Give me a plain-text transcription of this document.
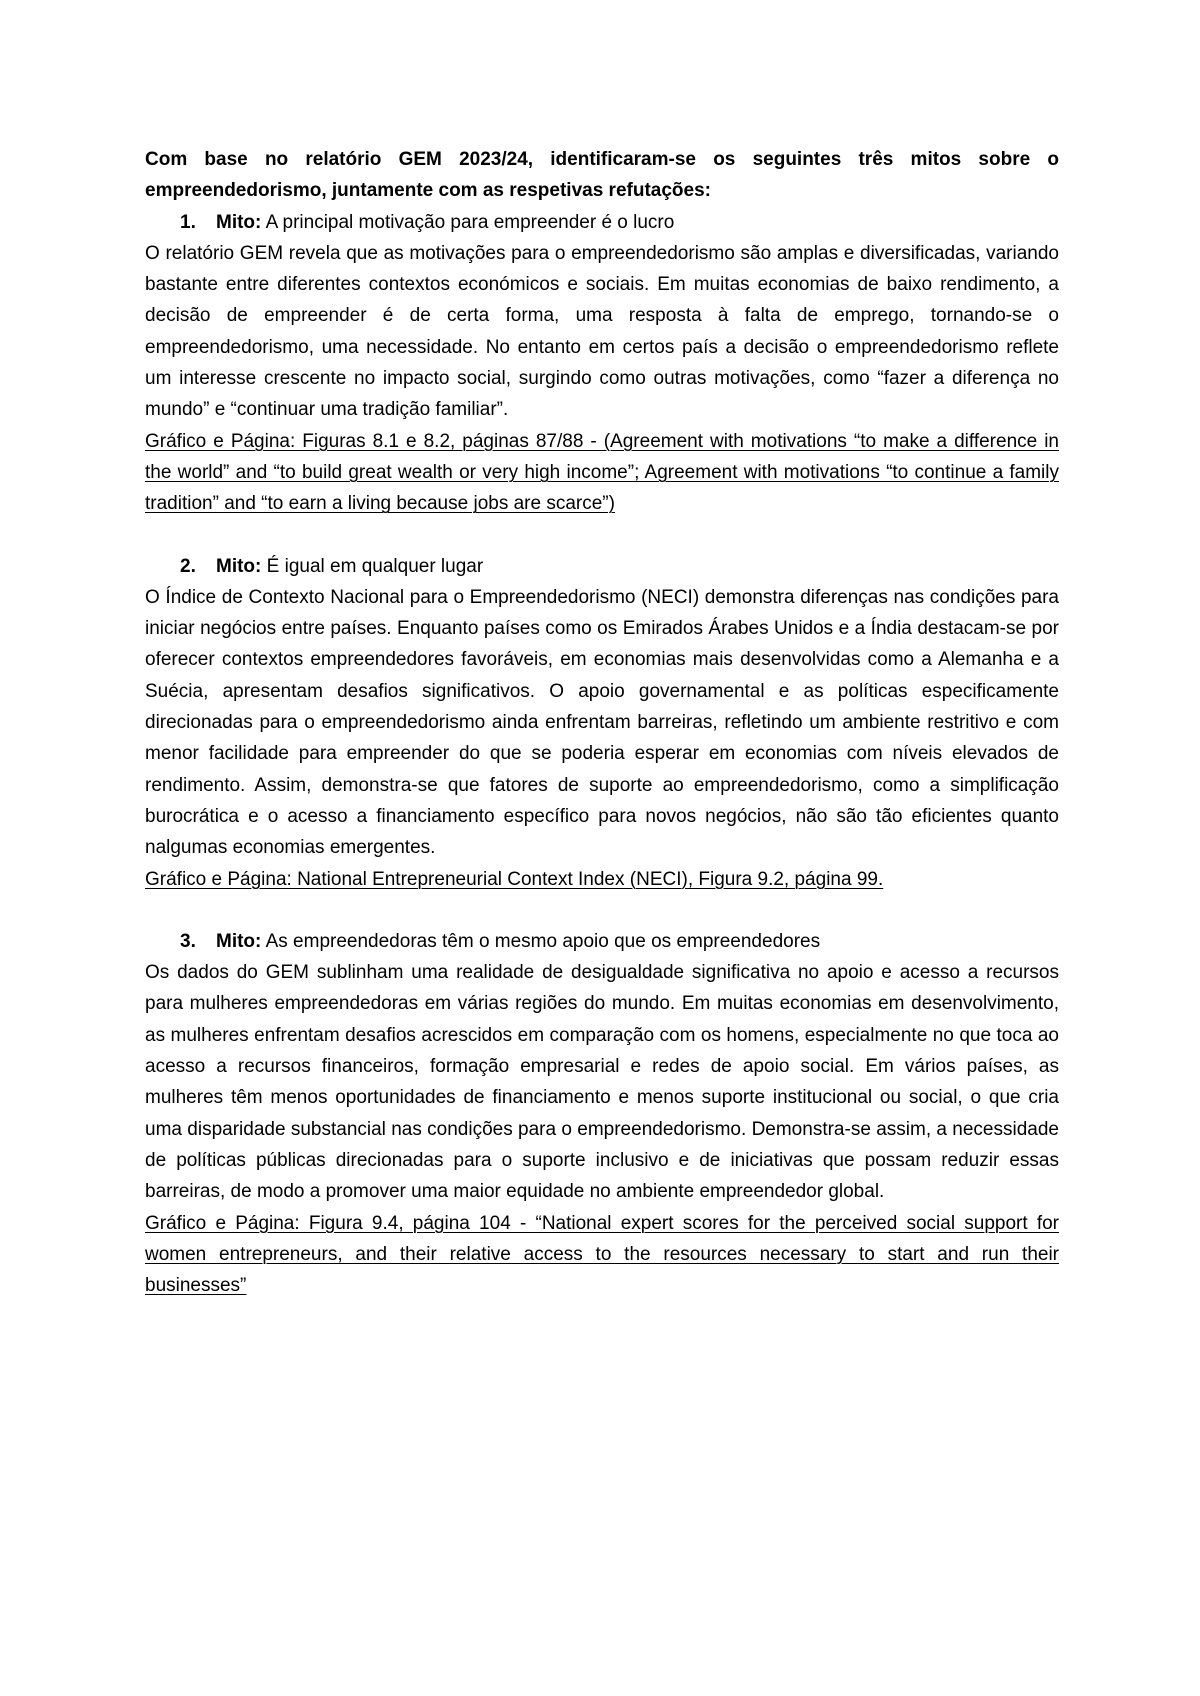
Com base no relatório GEM 2023/24, identificaram-se os seguintes três mitos sobre o empreendedorismo, juntamente com as respetivas refutações:

1. Mito: A principal motivação para empreender é o lucro

O relatório GEM revela que as motivações para o empreendedorismo são amplas e diversificadas, variando bastante entre diferentes contextos económicos e sociais. Em muitas economias de baixo rendimento, a decisão de empreender é de certa forma, uma resposta à falta de emprego, tornando-se o empreendedorismo, uma necessidade. No entanto em certos país a decisão o empreendedorismo reflete um interesse crescente no impacto social, surgindo como outras motivações, como “fazer a diferença no mundo” e “continuar uma tradição familiar”.

Gráfico e Página: Figuras 8.1 e 8.2, páginas 87/88 - (Agreement with motivations “to make a difference in the world” and “to build great wealth or very high income”; Agreement with motivations “to continue a family tradition” and “to earn a living because jobs are scarce”)

2. Mito: É igual em qualquer lugar

O Índice de Contexto Nacional para o Empreendedorismo (NECI) demonstra diferenças nas condições para iniciar negócios entre países. Enquanto países como os Emirados Árabes Unidos e a Índia destacam-se por oferecer contextos empreendedores favoráveis, em economias mais desenvolvidas como a Alemanha e a Suécia, apresentam desafios significativos. O apoio governamental e as políticas especificamente direcionadas para o empreendedorismo ainda enfrentam barreiras, refletindo um ambiente restritivo e com menor facilidade para empreender do que se poderia esperar em economias com níveis elevados de rendimento. Assim, demonstra-se que fatores de suporte ao empreendedorismo, como a simplificação burocrática e o acesso a financiamento específico para novos negócios, não são tão eficientes quanto nalgumas economias emergentes.

Gráfico e Página: National Entrepreneurial Context Index (NECI), Figura 9.2, página 99.

3. Mito: As empreendedoras têm o mesmo apoio que os empreendedores

Os dados do GEM sublinham uma realidade de desigualdade significativa no apoio e acesso a recursos para mulheres empreendedoras em várias regiões do mundo. Em muitas economias em desenvolvimento, as mulheres enfrentam desafios acrescidos em comparação com os homens, especialmente no que toca ao acesso a recursos financeiros, formação empresarial e redes de apoio social. Em vários países, as mulheres têm menos oportunidades de financiamento e menos suporte institucional ou social, o que cria uma disparidade substancial nas condições para o empreendedorismo. Demonstra-se assim, a necessidade de políticas públicas direcionadas para o suporte inclusivo e de iniciativas que possam reduzir essas barreiras, de modo a promover uma maior equidade no ambiente empreendedor global.

Gráfico e Página: Figura 9.4, página 104 - “National expert scores for the perceived social support for women entrepreneurs, and their relative access to the resources necessary to start and run their businesses”
